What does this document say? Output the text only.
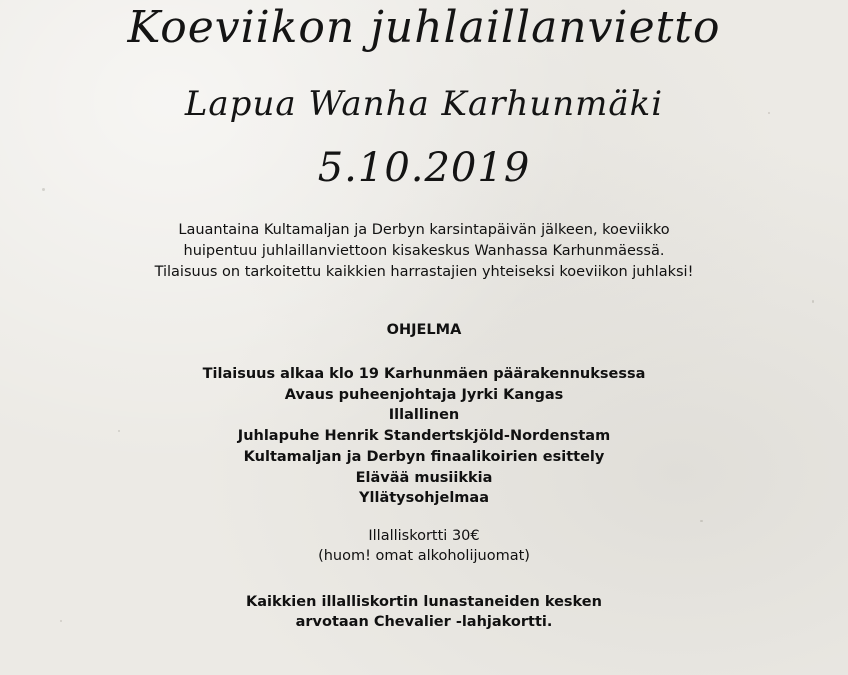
Koeviikon juhlaillanvietto
Lapua Wanha Karhunmäki
5.10.2019
Lauantaina Kultamaljan ja Derbyn karsintapäivän jälkeen, koeviikko
huipentuu juhlaillanviettoon kisakeskus Wanhassa Karhunmäessä.
Tilaisuus on tarkoitettu kaikkien harrastajien yhteiseksi koeviikon juhlaksi!
OHJELMA
Tilaisuus alkaa klo 19 Karhunmäen päärakennuksessa
Avaus puheenjohtaja Jyrki Kangas
Illallinen
Juhlapuhe Henrik Standertskjöld-Nordenstam
Kultamaljan ja Derbyn finaalikoirien esittely
Elävää musiikkia
Yllätysohjelmaa
Illalliskortti 30€
(huom! omat alkoholijuomat)
Kaikkien illalliskortin lunastaneiden kesken
arvotaan Chevalier -lahjakortti.
